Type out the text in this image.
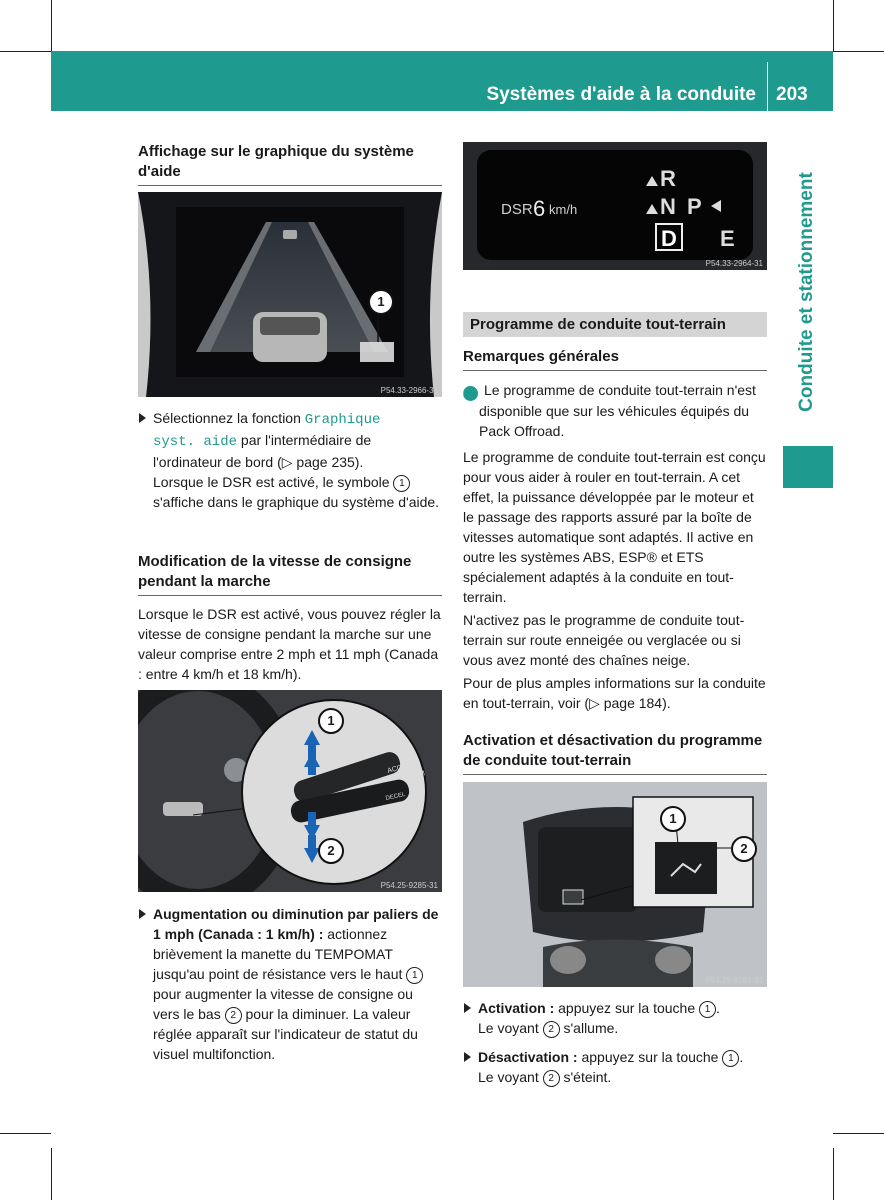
Systèmes d'aide à la conduite 203
Conduite et stationnement
Affichage sur le graphique du système d'aide
1
P54.33-2966-31
Sélectionnez la fonction Graphique
syst. aide par l'intermédiaire de l'ordinateur de bord (▷ page 235).
Lorsque le DSR est activé, le symbole 1 s'affiche dans le graphique du système d'aide.
Modification de la vitesse de consigne pendant la marche

Lorsque le DSR est activé, vous pouvez régler la vitesse de consigne pendant la marche sur une valeur comprise entre 2 mph et 11 mph (Canada : entre 4 km/h et 18 km/h).

RESUME
ACCEL
LIM
DECEL
1
2
P54.25-9285-31
Augmentation ou diminution par paliers de 1 mph (Canada : 1 km/h) : actionnez brièvement la manette du TEMPOMAT jusqu'au point de résistance vers le haut 1 pour augmenter la vitesse de consigne ou vers le bas 2 pour la diminuer. La valeur réglée apparaît sur l'indicateur de statut du visuel multifonction.
DSR 6 km/h
R
N P
D E
P54.33-2964-31
Programme de conduite tout-terrain
Remarques générales

i Le programme de conduite tout-terrain n'est disponible que sur les véhicules équipés du Pack Offroad.

Le programme de conduite tout-terrain est conçu pour vous aider à rouler en tout-terrain. A cet effet, la puissance développée par le moteur et le passage des rapports assuré par la boîte de vitesses automatique sont adaptés. Il active en outre les systèmes ABS, ESP® et ETS spécialement adaptés à la conduite en tout-terrain.

N'activez pas le programme de conduite tout-terrain sur route enneigée ou verglacée ou si vous avez monté des chaînes neige.

Pour de plus amples informations sur la conduite en tout-terrain, voir (▷ page 184).

Activation et désactivation du programme de conduite tout-terrain
1
2
P54.25-9282-31
Activation : appuyez sur la touche 1 .
Le voyant 2 s'allume.
Désactivation : appuyez sur la touche 1 .
Le voyant 2 s'éteint.
